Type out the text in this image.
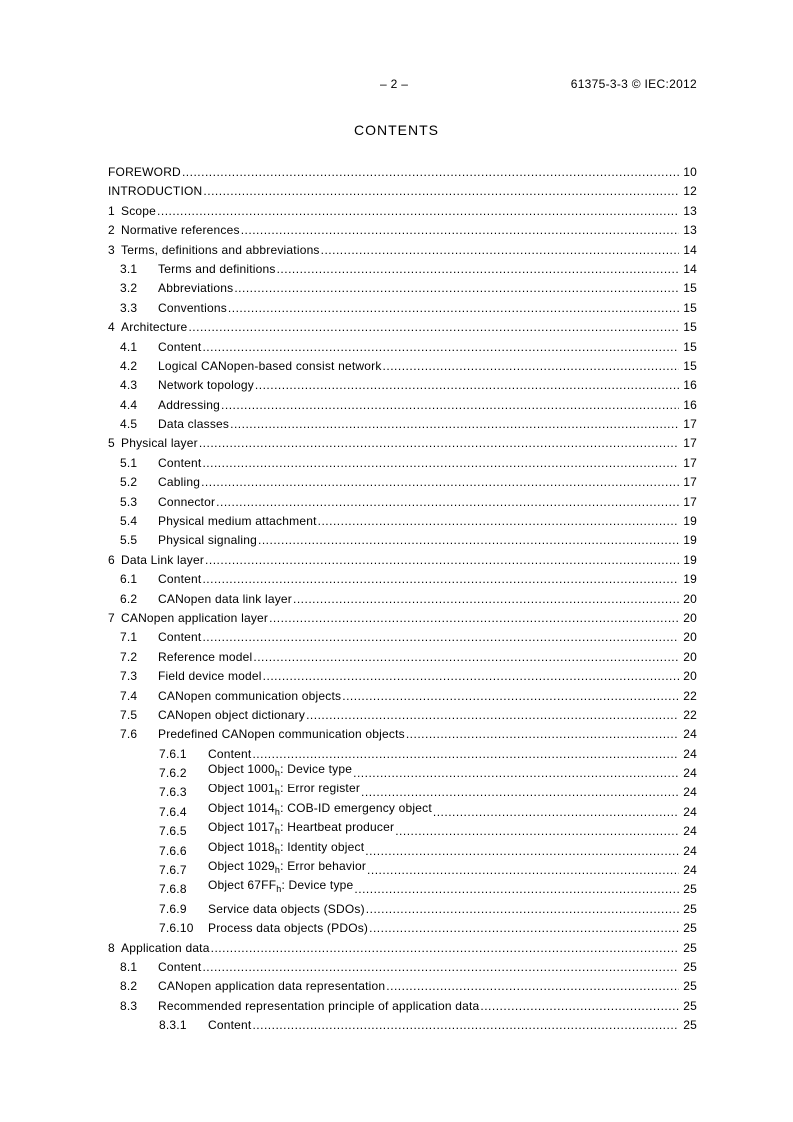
– 2 –	61375-3-3 © IEC:2012
CONTENTS
FOREWORD .....	10
INTRODUCTION .....	12
1 Scope .....	13
2 Normative references .....	13
3 Terms, definitions and abbreviations .....	14
3.1	Terms and definitions .....	14
3.2	Abbreviations .....	15
3.3	Conventions .....	15
4 Architecture .....	15
4.1	Content .....	15
4.2	Logical CANopen-based consist network .....	15
4.3	Network topology .....	16
4.4	Addressing .....	16
4.5	Data classes .....	17
5 Physical layer .....	17
5.1	Content .....	17
5.2	Cabling .....	17
5.3	Connector .....	17
5.4	Physical medium attachment .....	19
5.5	Physical signaling .....	19
6 Data Link layer .....	19
6.1	Content .....	19
6.2	CANopen data link layer .....	20
7 CANopen application layer .....	20
7.1	Content .....	20
7.2	Reference model .....	20
7.3	Field device model .....	20
7.4	CANopen communication objects .....	22
7.5	CANopen object dictionary .....	22
7.6	Predefined CANopen communication objects .....	24
7.6.1	Content .....	24
7.6.2	Object $1000_h$: Device type .....	24
7.6.3	Object $1001_h$: Error register .....	24
7.6.4	Object $1014_h$: COB-ID emergency object .....	24
7.6.5	Object $1017_h$: Heartbeat producer .....	24
7.6.6	Object $1018_h$: Identity object .....	24
7.6.7	Object $1029_h$: Error behavior .....	24
7.6.8	Object $67FF_h$: Device type .....	25
7.6.9	Service data objects (SDOs) .....	25
7.6.10	Process data objects (PDOs) .....	25
8 Application data .....	25
8.1	Content .....	25
8.2	CANopen application data representation .....	25
8.3	Recommended representation principle of application data .....	25
8.3.1	Content .....	25
